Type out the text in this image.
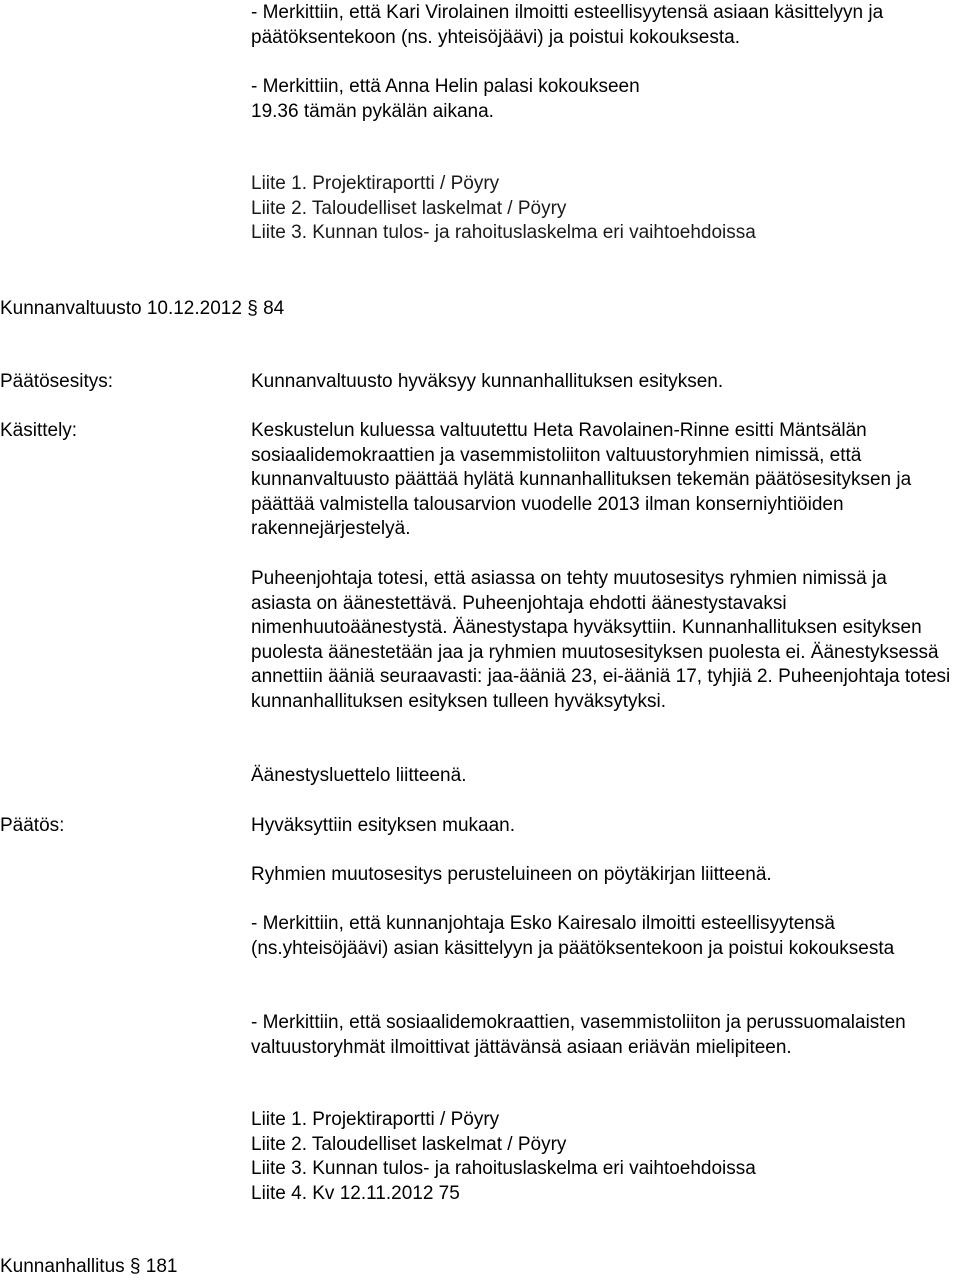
- Merkittiin, että Kari Virolainen ilmoitti esteellisyytensä asiaan käsittelyyn ja päätöksentekoon (ns. yhteisöjäävi) ja poistui kokouksesta.

- Merkittiin, että Anna Helin palasi kokoukseen 19.36 tämän pykälän aikana.

Liite 1. Projektiraportti / Pöyry

Liite 2. Taloudelliset laskelmat / Pöyry

Liite 3. Kunnan tulos- ja rahoituslaskelma eri vaihtoehdoissa

Kunnanvaltuusto 10.12.2012 § 84

Päätösesitys:	Kunnanvaltuusto hyväksyy kunnanhallituksen esityksen.

Käsittely:	Keskustelun kuluessa valtuutettu Heta Ravolainen-Rinne esitti Mäntsälän sosiaalidemokraattien ja vasemmistoliiton valtuustoryhmien nimissä, että kunnanvaltuusto päättää hylätä kunnanhallituksen tekemän päätösesityksen ja päättää valmistella talousarvion vuodelle 2013 ilman konserniyhtiöiden rakennejärjestelyä.

Puheenjohtaja totesi, että asiassa on tehty muutosesitys ryhmien nimissä ja asiasta on äänestettävä. Puheenjohtaja ehdotti äänestystavaksi nimenhuutoäänestystä. Äänestystapa hyväksyttiin. Kunnanhallituksen esityksen puolesta äänestetään jaa ja ryhmien muutosesityksen puolesta ei. Äänestyksessä annettiin ääniä seuraavasti: jaa-ääniä 23, ei-ääniä 17, tyhjiä 2. Puheenjohtaja totesi kunnanhallituksen esityksen tulleen hyväksytyksi.

Äänestysluettelo liitteenä.

Päätös:	Hyväksyttiin esityksen mukaan.

Ryhmien muutosesitys perusteluineen on pöytäkirjan liitteenä.

- Merkittiin, että kunnanjohtaja Esko Kairesalo ilmoitti esteellisyytensä (ns.yhteisöjäävi) asian käsittelyyn ja päätöksentekoon ja poistui kokouksesta

- Merkittiin, että sosiaalidemokraattien, vasemmistoliiton ja perussuomalaisten valtuustoryhmät ilmoittivat jättävänsä asiaan eriävän mielipiteen.

Liite 1. Projektiraportti / Pöyry

Liite 2. Taloudelliset laskelmat / Pöyry

Liite 3. Kunnan tulos- ja rahoituslaskelma eri vaihtoehdoissa

Liite 4. Kv 12.11.2012 75

Kunnanhallitus § 181
